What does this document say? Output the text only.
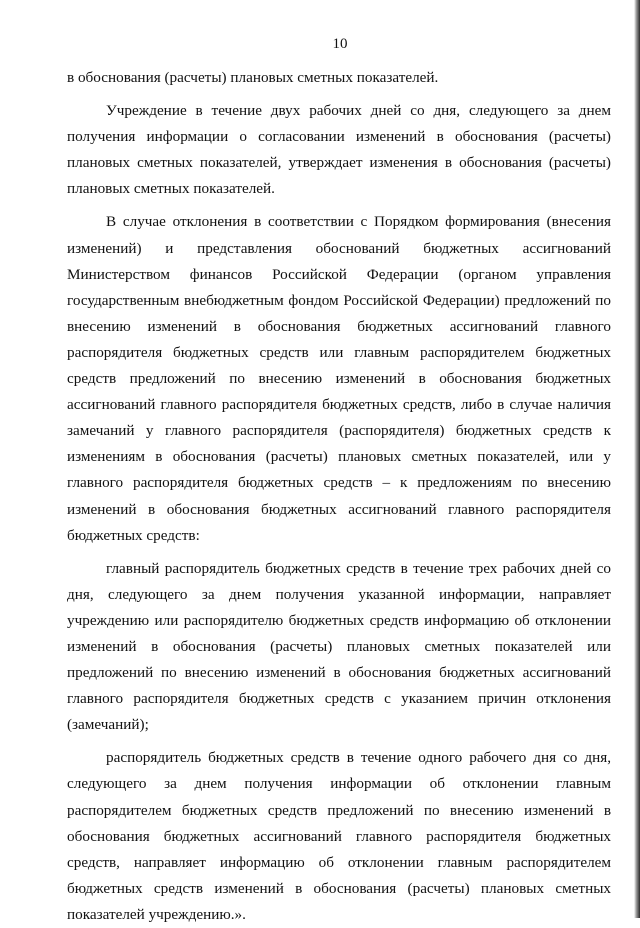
10

в обоснования (расчеты) плановых сметных показателей.

Учреждение в течение двух рабочих дней со дня, следующего за днем получения информации о согласовании изменений в обоснования (расчеты) плановых сметных показателей, утверждает изменения в обоснования (расчеты) плановых сметных показателей.

В случае отклонения в соответствии с Порядком формирования (внесения изменений) и представления обоснований бюджетных ассигнований Министерством финансов Российской Федерации (органом управления государственным внебюджетным фондом Российской Федерации) предложений по внесению изменений в обоснования бюджетных ассигнований главного распорядителя бюджетных средств или главным распорядителем бюджетных средств предложений по внесению изменений в обоснования бюджетных ассигнований главного распорядителя бюджетных средств, либо в случае наличия замечаний у главного распорядителя (распорядителя) бюджетных средств к изменениям в обоснования (расчеты) плановых сметных показателей, или у главного распорядителя бюджетных средств – к предложениям по внесению изменений в обоснования бюджетных ассигнований главного распорядителя бюджетных средств:

главный распорядитель бюджетных средств в течение трех рабочих дней со дня, следующего за днем получения указанной информации, направляет учреждению или распорядителю бюджетных средств информацию об отклонении изменений в обоснования (расчеты) плановых сметных показателей или предложений по внесению изменений в обоснования бюджетных ассигнований главного распорядителя бюджетных средств с указанием причин отклонения (замечаний);

распорядитель бюджетных средств в течение одного рабочего дня со дня, следующего за днем получения информации об отклонении главным распорядителем бюджетных средств предложений по внесению изменений в обоснования бюджетных ассигнований главного распорядителя бюджетных средств, направляет информацию об отклонении главным распорядителем бюджетных средств изменений в обоснования (расчеты) плановых сметных показателей учреждению.».
